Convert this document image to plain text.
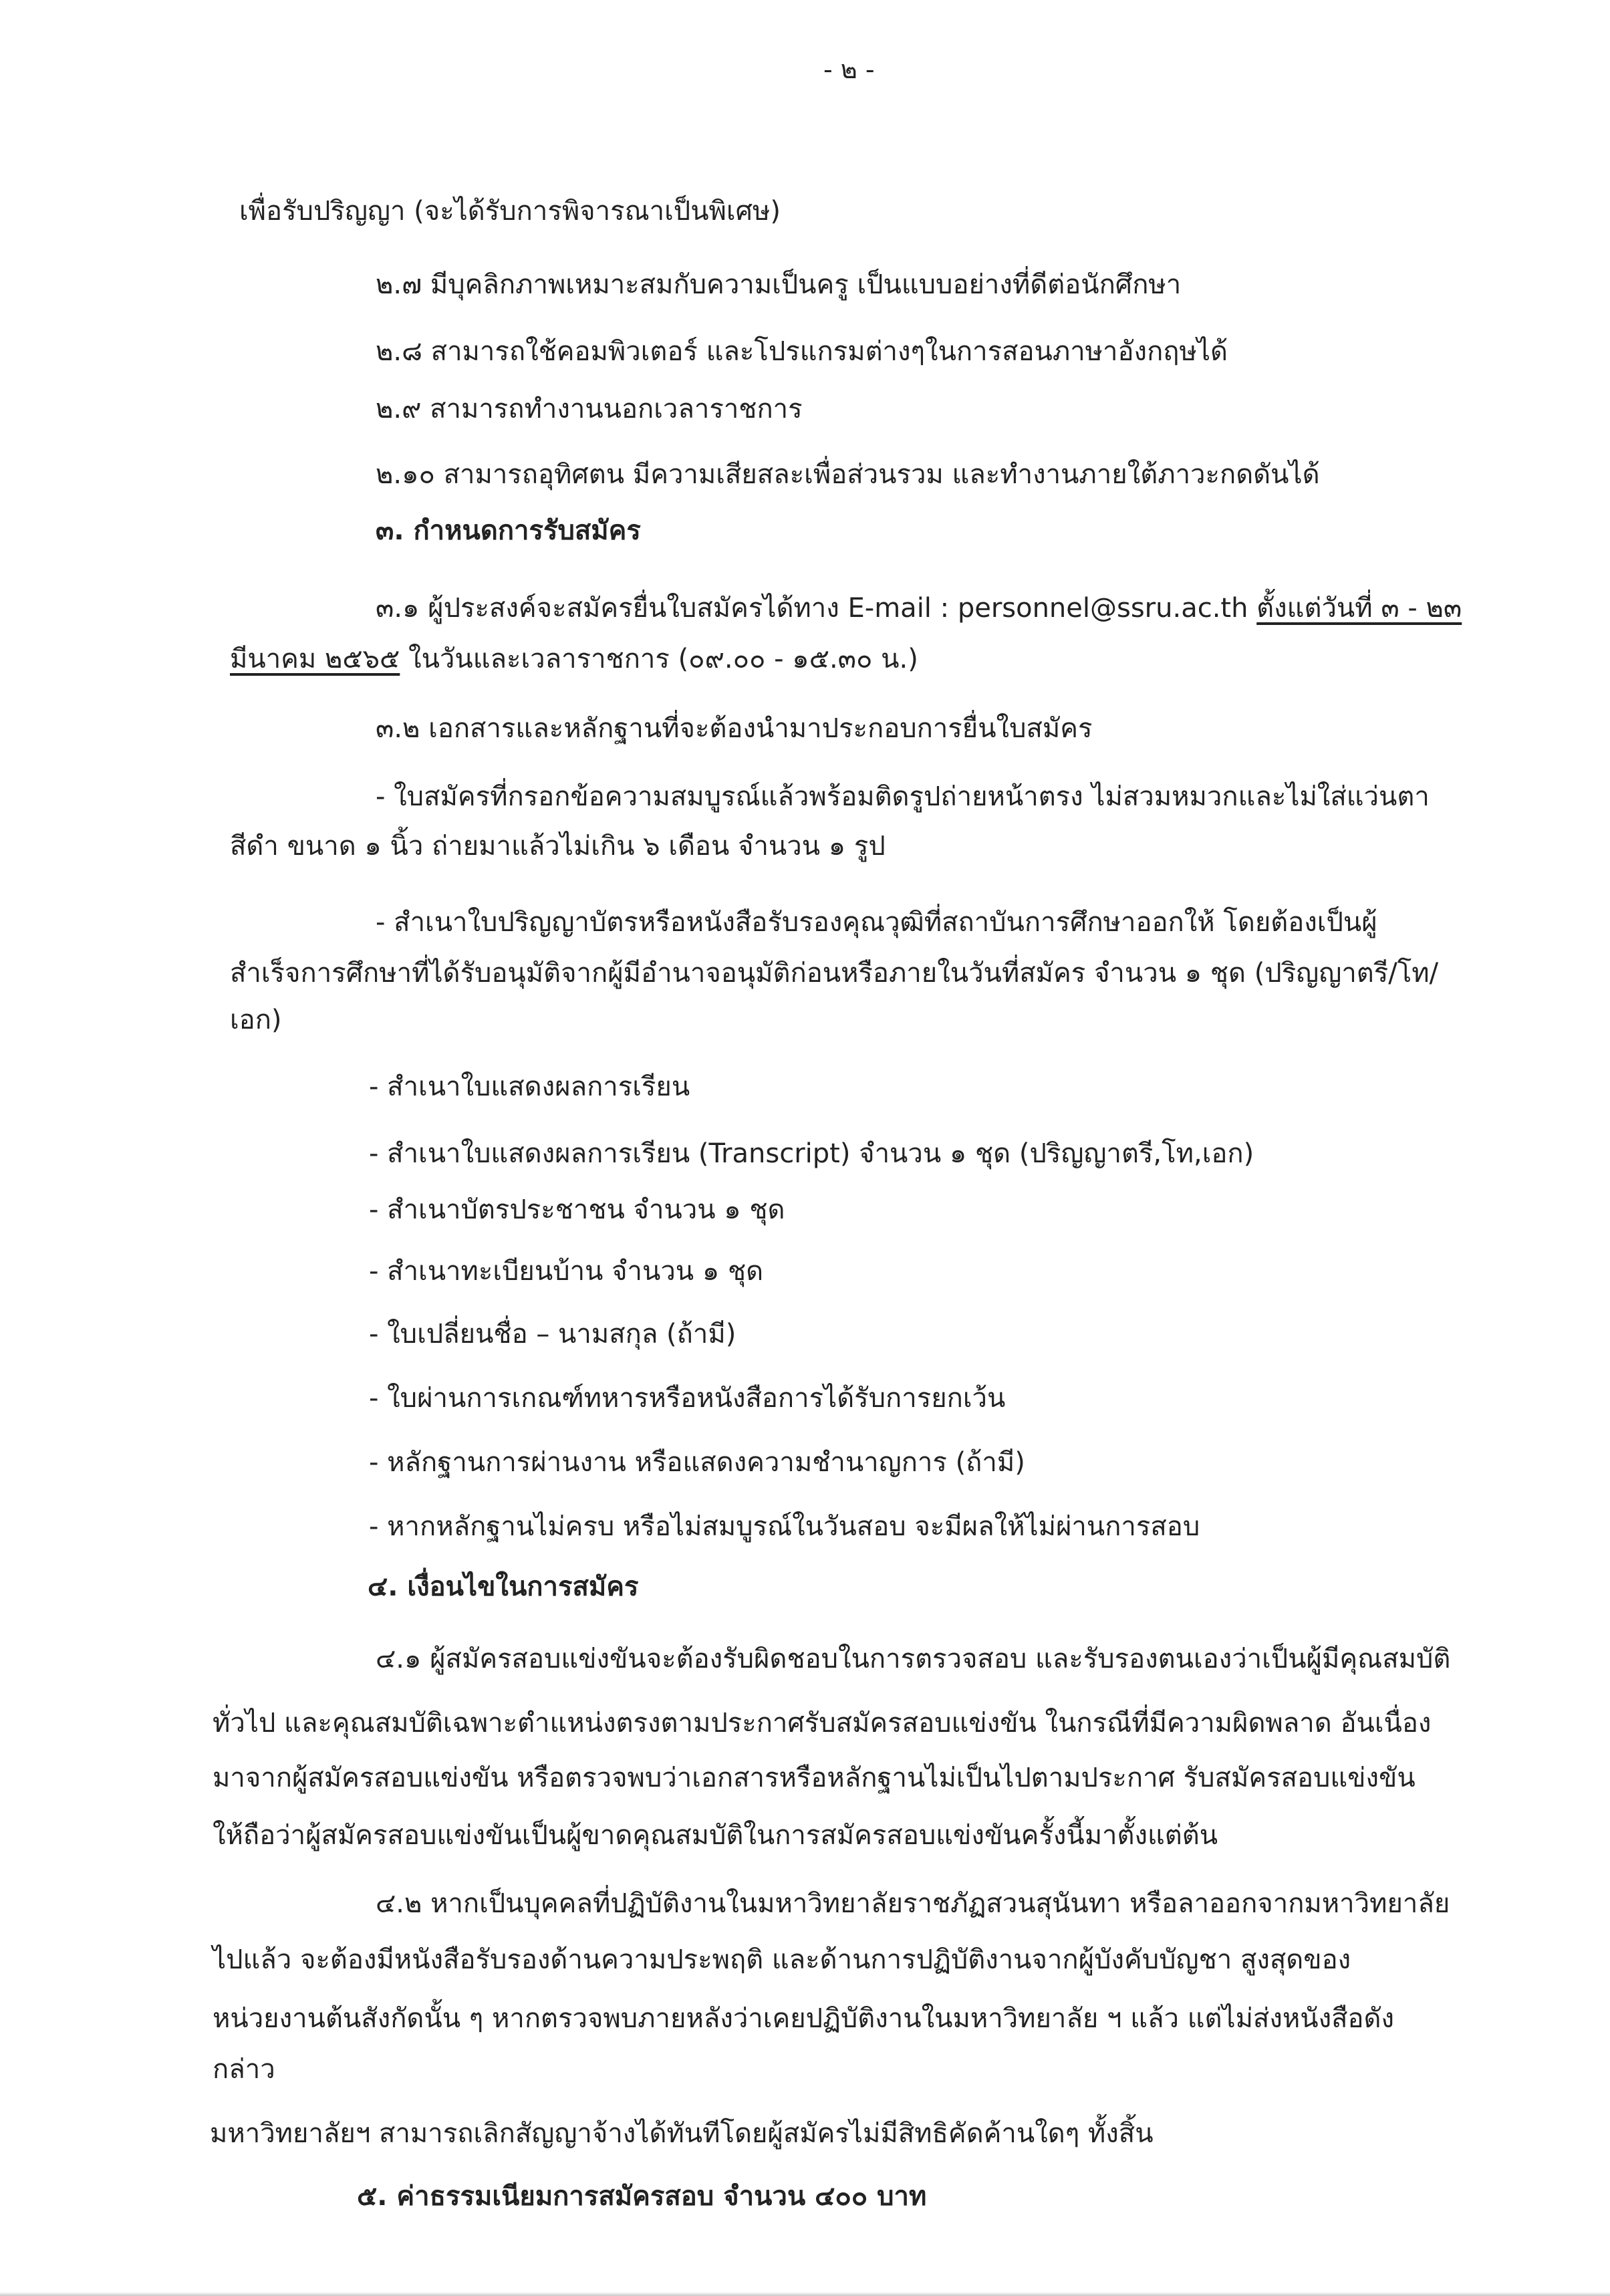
- ๒ -
เพื่อรับปริญญา (จะได้รับการพิจารณาเป็นพิเศษ)
๒.๗ มีบุคลิกภาพเหมาะสมกับความเป็นครู เป็นแบบอย่างที่ดีต่อนักศึกษา
๒.๘ สามารถใช้คอมพิวเตอร์ และโปรแกรมต่างๆในการสอนภาษาอังกฤษได้
๒.๙ สามารถทำงานนอกเวลาราชการ
๒.๑๐ สามารถอุทิศตน มีความเสียสละเพื่อส่วนรวม และทำงานภายใต้ภาวะกดดันได้
๓. กำหนดการรับสมัคร
๓.๑ ผู้ประสงค์จะสมัครยื่นใบสมัครได้ทาง E-mail : personnel@ssru.ac.th ตั้งแต่วันที่ ๓ - ๒๓
มีนาคม ๒๕๖๕ ในวันและเวลาราชการ (๐๙.๐๐ - ๑๕.๓๐ น.)
๓.๒ เอกสารและหลักฐานที่จะต้องนำมาประกอบการยื่นใบสมัคร
- ใบสมัครที่กรอกข้อความสมบูรณ์แล้วพร้อมติดรูปถ่ายหน้าตรง ไม่สวมหมวกและไม่ใส่แว่นตา
สีดำ ขนาด ๑ นิ้ว ถ่ายมาแล้วไม่เกิน ๖ เดือน จำนวน ๑ รูป
- สำเนาใบปริญญาบัตรหรือหนังสือรับรองคุณวุฒิที่สถาบันการศึกษาออกให้ โดยต้องเป็นผู้
สำเร็จการศึกษาที่ได้รับอนุมัติจากผู้มีอำนาจอนุมัติก่อนหรือภายในวันที่สมัคร จำนวน ๑ ชุด (ปริญญาตรี/โท/
เอก)
- สำเนาใบแสดงผลการเรียน
- สำเนาใบแสดงผลการเรียน (Transcript) จำนวน ๑ ชุด (ปริญญาตรี,โท,เอก)
- สำเนาบัตรประชาชน จำนวน ๑ ชุด
- สำเนาทะเบียนบ้าน จำนวน ๑ ชุด
- ใบเปลี่ยนชื่อ – นามสกุล (ถ้ามี)
- ใบผ่านการเกณฑ์ทหารหรือหนังสือการได้รับการยกเว้น
- หลักฐานการผ่านงาน หรือแสดงความชำนาญการ (ถ้ามี)
- หากหลักฐานไม่ครบ หรือไม่สมบูรณ์ในวันสอบ จะมีผลให้ไม่ผ่านการสอบ
๔. เงื่อนไขในการสมัคร
๔.๑ ผู้สมัครสอบแข่งขันจะต้องรับผิดชอบในการตรวจสอบ และรับรองตนเองว่าเป็นผู้มีคุณสมบัติ
ทั่วไป และคุณสมบัติเฉพาะตำแหน่งตรงตามประกาศรับสมัครสอบแข่งขัน ในกรณีที่มีความผิดพลาด อันเนื่อง
มาจากผู้สมัครสอบแข่งขัน หรือตรวจพบว่าเอกสารหรือหลักฐานไม่เป็นไปตามประกาศ รับสมัครสอบแข่งขัน
ให้ถือว่าผู้สมัครสอบแข่งขันเป็นผู้ขาดคุณสมบัติในการสมัครสอบแข่งขันครั้งนี้มาตั้งแต่ต้น
๔.๒ หากเป็นบุคคลที่ปฏิบัติงานในมหาวิทยาลัยราชภัฏสวนสุนันทา หรือลาออกจากมหาวิทยาลัย
ไปแล้ว จะต้องมีหนังสือรับรองด้านความประพฤติ และด้านการปฏิบัติงานจากผู้บังคับบัญชา สูงสุดของ
หน่วยงานต้นสังกัดนั้น ๆ หากตรวจพบภายหลังว่าเคยปฏิบัติงานในมหาวิทยาลัย ฯ แล้ว แต่ไม่ส่งหนังสือดัง
กล่าว
มหาวิทยาลัยฯ สามารถเลิกสัญญาจ้างได้ทันทีโดยผู้สมัครไม่มีสิทธิคัดค้านใดๆ ทั้งสิ้น
๕. ค่าธรรมเนียมการสมัครสอบ จำนวน ๔๐๐ บาท
